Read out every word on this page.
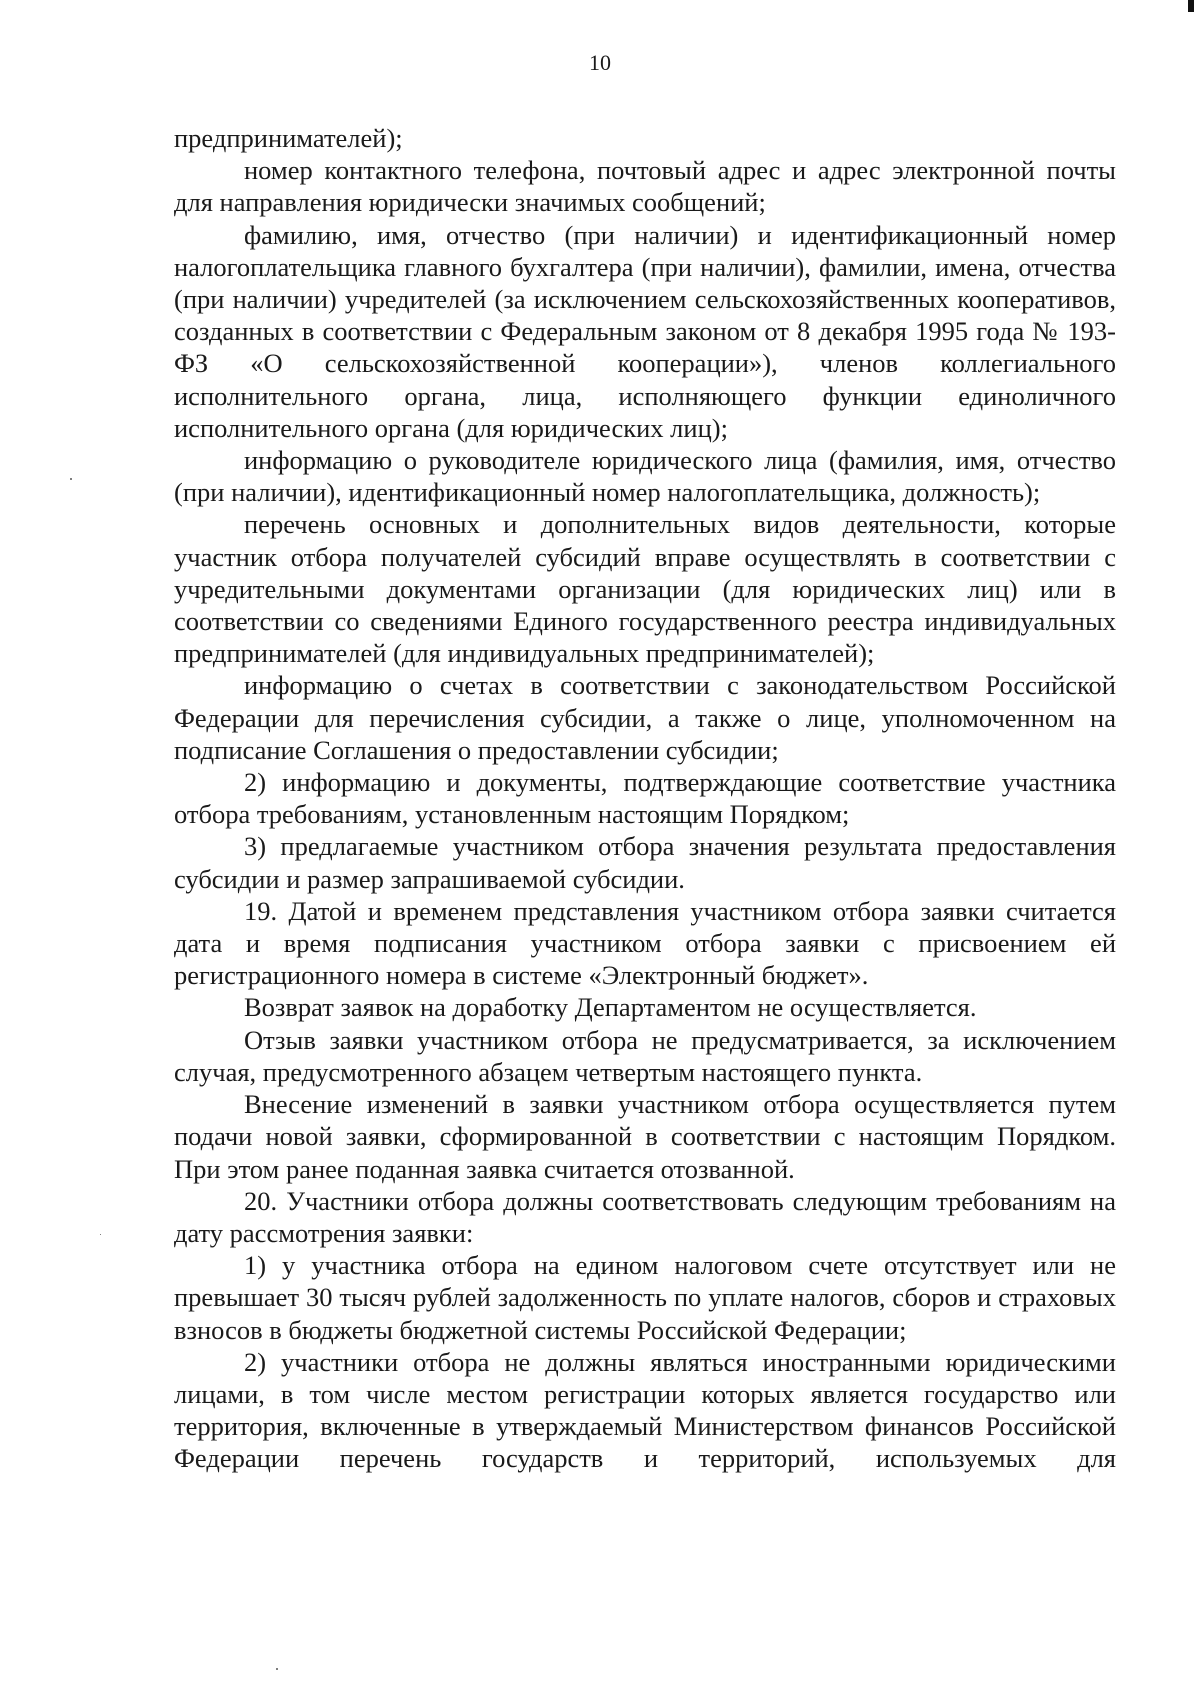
10

предпринимателей);

номер контактного телефона, почтовый адрес и адрес электронной почты для направления юридически значимых сообщений;

фамилию, имя, отчество (при наличии) и идентификационный номер налогоплательщика главного бухгалтера (при наличии), фамилии, имена, отчества (при наличии) учредителей (за исключением сельскохозяйственных кооперативов, созданных в соответствии с Федеральным законом от 8 декабря 1995 года № 193-ФЗ «О сельскохозяйственной кооперации»), членов коллегиального исполнительного органа, лица, исполняющего функции единоличного исполнительного органа (для юридических лиц);

информацию о руководителе юридического лица (фамилия, имя, отчество (при наличии), идентификационный номер налогоплательщика, должность);

перечень основных и дополнительных видов деятельности, которые участник отбора получателей субсидий вправе осуществлять в соответствии с учредительными документами организации (для юридических лиц) или в соответствии со сведениями Единого государственного реестра индивидуальных предпринимателей (для индивидуальных предпринимателей);

информацию о счетах в соответствии с законодательством Российской Федерации для перечисления субсидии, а также о лице, уполномоченном на подписание Соглашения о предоставлении субсидии;

2) информацию и документы, подтверждающие соответствие участника отбора требованиям, установленным настоящим Порядком;

3) предлагаемые участником отбора значения результата предоставления субсидии и размер запрашиваемой субсидии.

19. Датой и временем представления участником отбора заявки считается дата и время подписания участником отбора заявки с присвоением ей регистрационного номера в системе «Электронный бюджет».

Возврат заявок на доработку Департаментом не осуществляется.

Отзыв заявки участником отбора не предусматривается, за исключением случая, предусмотренного абзацем четвертым настоящего пункта.

Внесение изменений в заявки участником отбора осуществляется путем подачи новой заявки, сформированной в соответствии с настоящим Порядком. При этом ранее поданная заявка считается отозванной.

20. Участники отбора должны соответствовать следующим требованиям на дату рассмотрения заявки:

1) у участника отбора на едином налоговом счете отсутствует или не превышает 30 тысяч рублей задолженность по уплате налогов, сборов и страховых взносов в бюджеты бюджетной системы Российской Федерации;

2) участники отбора не должны являться иностранными юридическими лицами, в том числе местом регистрации которых является государство или территория, включенные в утверждаемый Министерством финансов Российской Федерации перечень государств и территорий, используемых для
